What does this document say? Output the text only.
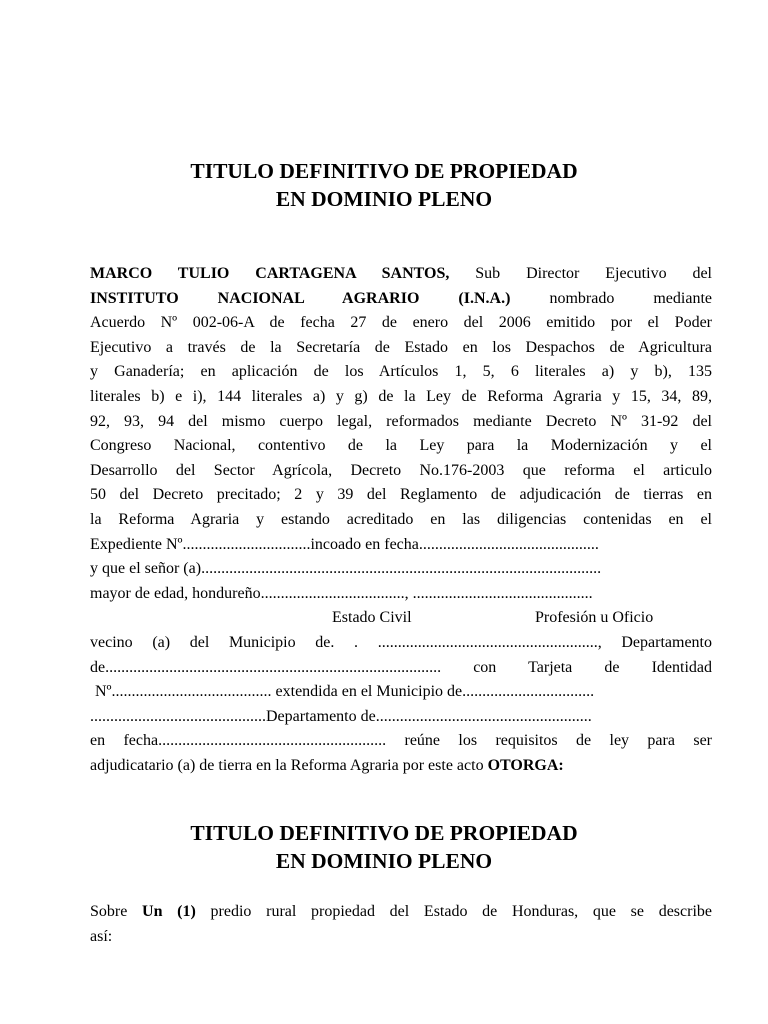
TITULO DEFINITIVO DE PROPIEDAD
EN DOMINIO PLENO
MARCO TULIO CARTAGENA SANTOS, Sub Director Ejecutivo del
INSTITUTO NACIONAL AGRARIO (I.N.A.) nombrado mediante
Acuerdo Nº 002-06-A de fecha 27 de enero del 2006 emitido por el Poder
Ejecutivo a través de la Secretaría de Estado en los Despachos de Agricultura
y Ganadería; en aplicación de los Artículos 1, 5, 6 literales a) y b), 135
literales b) e i), 144 literales a) y g) de la Ley de Reforma Agraria y 15, 34, 89,
92, 93, 94 del mismo cuerpo legal, reformados mediante Decreto Nº 31-92 del
Congreso Nacional, contentivo de la Ley para la Modernización y el
Desarrollo del Sector Agrícola, Decreto No.176-2003 que reforma el articulo
50 del Decreto precitado; 2 y 39 del Reglamento de adjudicación de tierras en
la Reforma Agraria y estando acreditado en las diligencias contenidas en el
Expediente Nº................................incoado en fecha.............................................
y que el señor (a)....................................................................................................
mayor de edad, hondureño...................................., .............................................
Estado Civil	Profesión u Oficio
vecino (a) del Municipio de. . ......................................................., Departamento
de.................................................................................... con Tarjeta de Identidad
Nº........................................ extendida en el Municipio de.................................
............................................Departamento de......................................................
en fecha......................................................... reúne los requisitos de ley para ser
adjudicatario (a) de tierra en la Reforma Agraria por este acto OTORGA:
TITULO DEFINITIVO DE PROPIEDAD
EN DOMINIO PLENO
Sobre Un (1) predio rural propiedad del Estado de Honduras, que se describe
así:
